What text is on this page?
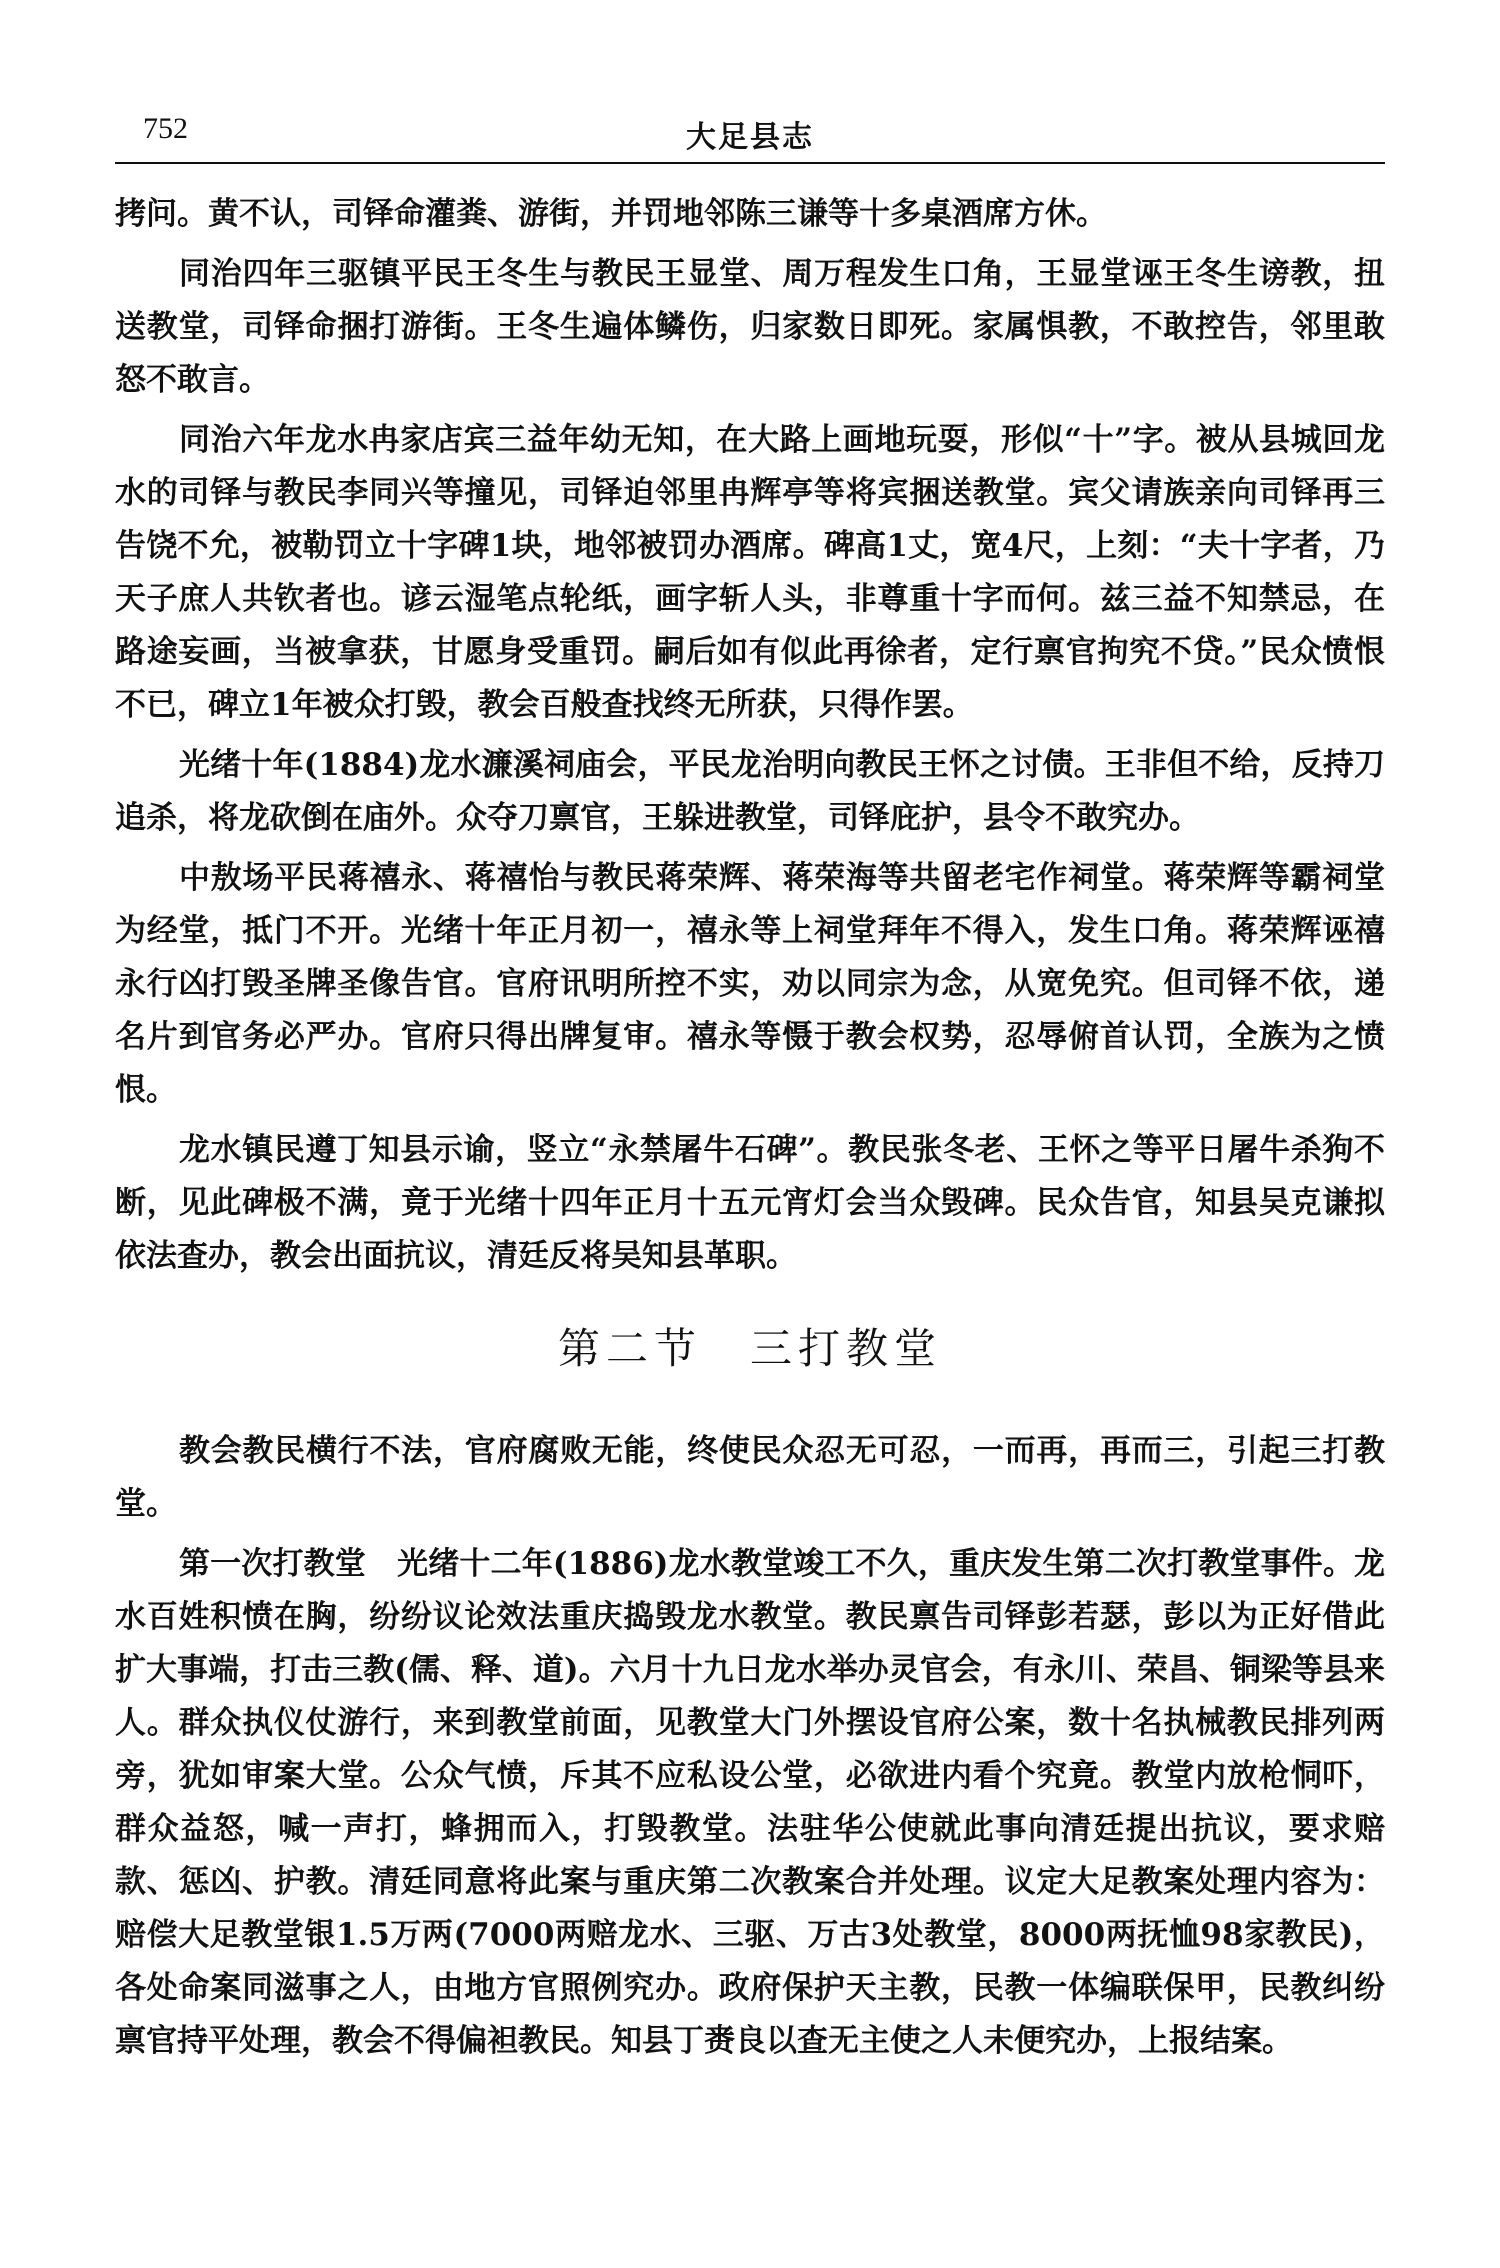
752	大足县志

拷问。黄不认，司铎命灌粪、游街，并罚地邻陈三谦等十多桌酒席方休。

同治四年三驱镇平民王冬生与教民王显堂、周万程发生口角，王显堂诬王冬生谤教，扭送教堂，司铎命捆打游街。王冬生遍体鳞伤，归家数日即死。家属惧教，不敢控告，邻里敢怒不敢言。

同治六年龙水冉家店宾三益年幼无知，在大路上画地玩耍，形似“十”字。被从县城回龙水的司铎与教民李同兴等撞见，司铎迫邻里冉辉亭等将宾捆送教堂。宾父请族亲向司铎再三告饶不允，被勒罚立十字碑1块，地邻被罚办酒席。碑高1丈，宽4尺，上刻：“夫十字者，乃天子庶人共钦者也。谚云湿笔点轮纸，画字斩人头，非尊重十字而何。兹三益不知禁忌，在路途妄画，当被拿获，甘愿身受重罚。嗣后如有似此再徐者，定行禀官拘究不贷。”民众愤恨不已，碑立1年被众打毁，教会百般查找终无所获，只得作罢。

光绪十年(1884)龙水濂溪祠庙会，平民龙治明向教民王怀之讨债。王非但不给，反持刀追杀，将龙砍倒在庙外。众夺刀禀官，王躲进教堂，司铎庇护，县令不敢究办。

中敖场平民蒋禧永、蒋禧怡与教民蒋荣辉、蒋荣海等共留老宅作祠堂。蒋荣辉等霸祠堂为经堂，抵门不开。光绪十年正月初一，禧永等上祠堂拜年不得入，发生口角。蒋荣辉诬禧永行凶打毁圣牌圣像告官。官府讯明所控不实，劝以同宗为念，从宽免究。但司铎不依，递名片到官务必严办。官府只得出牌复审。禧永等慑于教会权势，忍辱俯首认罚，全族为之愤恨。

龙水镇民遵丁知县示谕，竖立“永禁屠牛石碑”。教民张冬老、王怀之等平日屠牛杀狗不断，见此碑极不满，竟于光绪十四年正月十五元宵灯会当众毁碑。民众告官，知县吴克谦拟依法查办，教会出面抗议，清廷反将吴知县革职。

第二节 三打教堂

教会教民横行不法，官府腐败无能，终使民众忍无可忍，一而再，再而三，引起三打教堂。

第一次打教堂　光绪十二年(1886)龙水教堂竣工不久，重庆发生第二次打教堂事件。龙水百姓积愤在胸，纷纷议论效法重庆捣毁龙水教堂。教民禀告司铎彭若瑟，彭以为正好借此扩大事端，打击三教(儒、释、道)。六月十九日龙水举办灵官会，有永川、荣昌、铜梁等县来人。群众执仪仗游行，来到教堂前面，见教堂大门外摆设官府公案，数十名执械教民排列两旁，犹如审案大堂。公众气愤，斥其不应私设公堂，必欲进内看个究竟。教堂内放枪恫吓，群众益怒，喊一声打，蜂拥而入，打毁教堂。法驻华公使就此事向清廷提出抗议，要求赔款、惩凶、护教。清廷同意将此案与重庆第二次教案合并处理。议定大足教案处理内容为：赔偿大足教堂银1.5万两(7000两赔龙水、三驱、万古3处教堂，8000两抚恤98家教民)，各处命案同滋事之人，由地方官照例究办。政府保护天主教，民教一体编联保甲，民教纠纷禀官持平处理，教会不得偏袒教民。知县丁赉良以查无主使之人未便究办，上报结案。
